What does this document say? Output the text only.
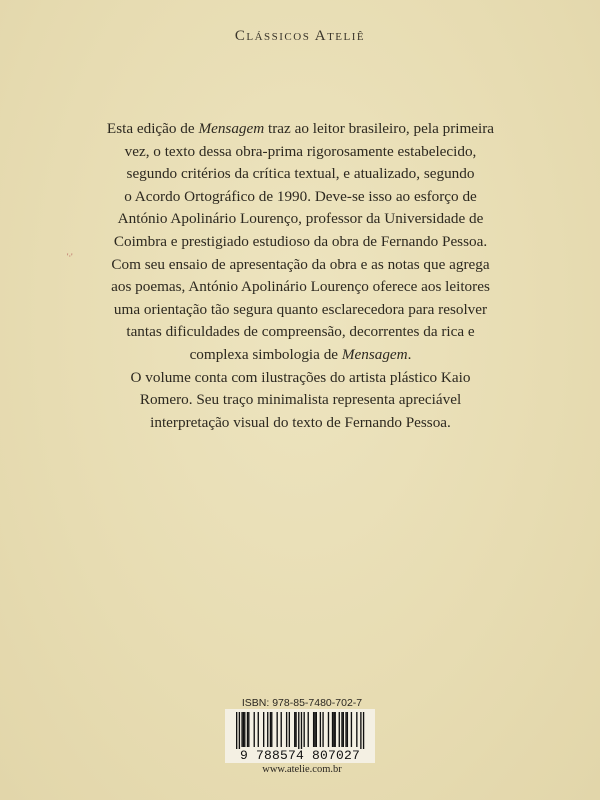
Clássicos Ateliê
'·'
Esta edição de Mensagem traz ao leitor brasileiro, pela primeira
vez, o texto dessa obra-prima rigorosamente estabelecido,
segundo critérios da crítica textual, e atualizado, segundo
o Acordo Ortográfico de 1990. Deve-se isso ao esforço de
António Apolinário Lourenço, professor da Universidade de
Coimbra e prestigiado estudioso da obra de Fernando Pessoa.
Com seu ensaio de apresentação da obra e as notas que agrega
aos poemas, António Apolinário Lourenço oferece aos leitores
uma orientação tão segura quanto esclarecedora para resolver
tantas dificuldades de compreensão, decorrentes da rica e
complexa simbologia de Mensagem.
O volume conta com ilustrações do artista plástico Kaio
Romero. Seu traço minimalista representa apreciável
interpretação visual do texto de Fernando Pessoa.
ISBN: 978-85-7480-702-7
9 788574 807027
www.atelie.com.br
